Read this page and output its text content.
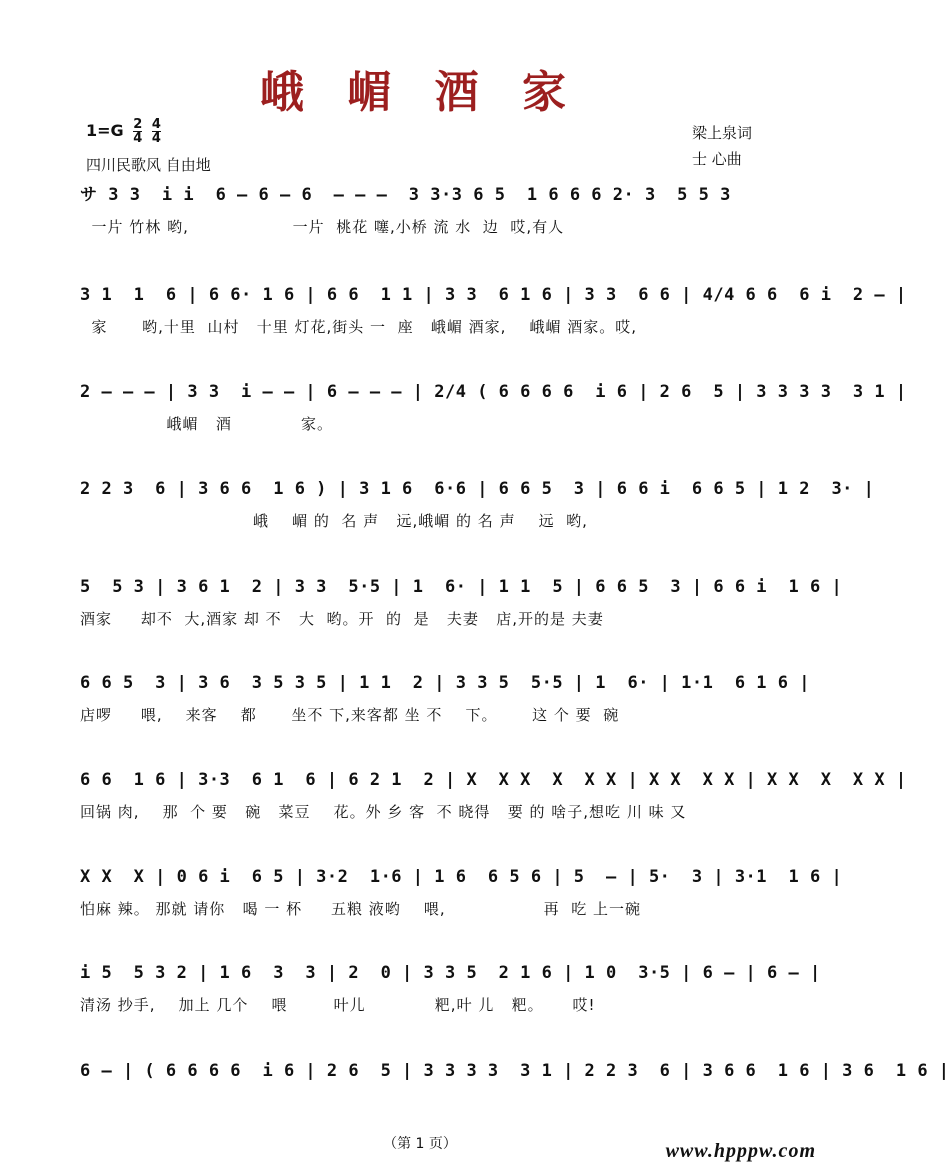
峨 嵋 酒 家
$1=G \frac{2}{4}$
$\frac{4}{4}$
四川民歌风 自由地
梁上泉词
士 心曲
サ 3 3  i i  6 — 6 — 6  — — —  3 3·3 6 5  1 6 6 6 2· 3  5 5 3
一片 竹林 哟,                  一片  桃花 噻,小桥 流 水  边  哎,有人
3 1  1  6 | 6 6· 1 6 | 6 6  1 1 | 3 3  6 1 6 | 3 3  6 6 | 4/4 6 6  6 i  2 — |
家      哟,十里  山村   十里 灯花,街头 一  座   峨嵋 酒家,    峨嵋 酒家。哎,
2 — — — | 3 3  i — — | 6 — — — | 2/4 ( 6 6 6 6  i 6 | 2 6  5 | 3 3 3 3  3 1 |
峨嵋   酒            家。
2 2 3  6 | 3 6 6  1 6 ) | 3 1 6  6·6 | 6 6 5  3 | 6 6 i  6 6 5 | 1 2  3· |
峨    嵋 的  名 声   远,峨嵋 的 名 声    远  哟,
5  5 3 | 3 6 1  2 | 3 3  5·5 | 1  6· | 1 1  5 | 6 6 5  3 | 6 6 i  1 6 |
酒家     却不  大,酒家 却 不   大  哟。开  的  是   夫妻   店,开的是 夫妻
6 6 5  3 | 3 6  3 5 3 5 | 1 1  2 | 3 3 5  5·5 | 1  6· | 1·1  6 1 6 |
店啰     喂,    来客    都      坐不 下,来客都 坐 不    下。      这 个 要  碗
6 6  1 6 | 3·3  6 1  6 | 6 2 1  2 | X  X X  X  X X | X X  X X | X X  X  X X |
回锅 肉,    那  个 要   碗   菜豆    花。外 乡 客  不 晓得   要 的 啥子,想吃 川 味 又
X X  X | 0 6 i  6 5 | 3·2  1·6 | 1 6  6 5 6 | 5  — | 5·  3 | 3·1  1 6 |
怕麻 辣。 那就 请你   喝 一 杯     五粮 液哟    喂,                 再  吃 上一碗
i 5  5 3 2 | 1 6  3  3 | 2  0 | 3 3 5  2 1 6 | 1 0  3·5 | 6 — | 6 — |
清汤 抄手,    加上 几个    喂        叶儿            粑,叶 儿   粑。     哎!
6 — | ( 6 6 6 6  i 6 | 2 6  5 | 3 3 3 3  3 1 | 2 2 3  6 | 3 6 6  1 6 | 3 6  1 6 |
（第 1 页）	www.hpppw.com
